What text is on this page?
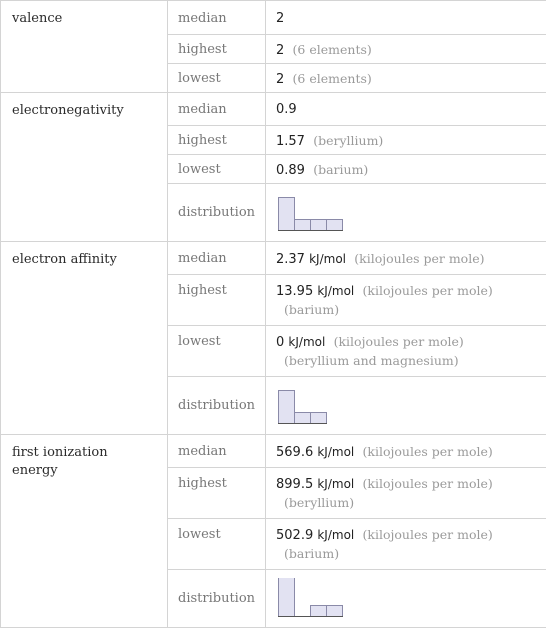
valence	median	2
	highest	2 (6 elements)
	lowest	2 (6 elements)
electronegativity	median	0.9
	highest	1.57 (beryllium)
	lowest	0.89 (barium)
	distribution	

electron affinity	median	2.37 kJ/mol (kilojoules per mole)
	highest	13.95 kJ/mol (kilojoules per mole)
(barium)

	lowest	0 kJ/mol (kilojoules per mole)
(beryllium and magnesium)

	distribution	

first ionization energy	median	569.6 kJ/mol (kilojoules per mole)
	highest	899.5 kJ/mol (kilojoules per mole)
(beryllium)

	lowest	502.9 kJ/mol (kilojoules per mole)
(barium)

	distribution	
